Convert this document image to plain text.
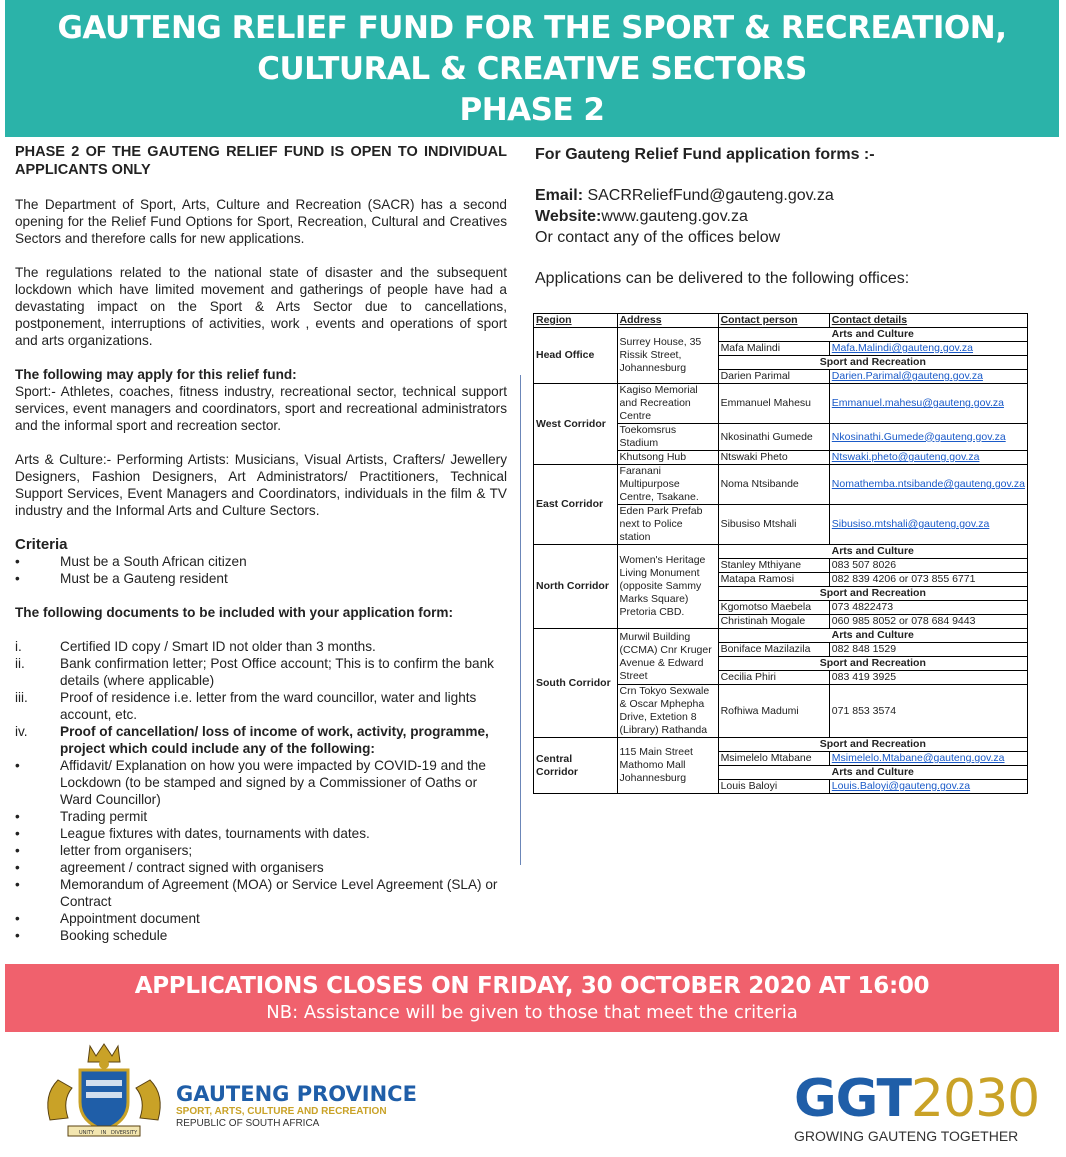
GAUTENG RELIEF FUND FOR THE SPORT & RECREATION,
CULTURAL & CREATIVE SECTORS
PHASE 2

PHASE 2 OF THE GAUTENG RELIEF FUND IS OPEN TO INDIVIDUAL APPLICANTS ONLY

The Department of Sport, Arts, Culture and Recreation (SACR) has a second opening for the Relief Fund Options for Sport, Recreation, Cultural and Creatives Sectors and therefore calls for new applications.

The regulations related to the national state of disaster and the subsequent lockdown which have limited movement and gatherings of people have had a devastating impact on the Sport & Arts Sector due to cancellations, postponement, interruptions of activities, work , events and operations of sport and arts organizations.

The following may apply for this relief fund:

Sport:- Athletes, coaches, fitness industry, recreational sector, technical support services, event managers and coordinators, sport and recreational administrators and the informal sport and recreation sector.

Arts & Culture:- Performing Artists: Musicians, Visual Artists, Crafters/ Jewellery Designers, Fashion Designers, Art Administrators/ Practitioners, Technical Support Services, Event Managers and Coordinators, individuals in the film & TV industry and the Informal Arts and Culture Sectors.

Criteria

•	Must be a South African citizen
•	Must be a Gauteng resident

The following documents to be included with your application form:

i.	Certified ID copy / Smart ID not older than 3 months.
ii.	Bank confirmation letter; Post Office account; This is to confirm the bank details (where applicable)
iii.	Proof of residence i.e. letter from the ward councillor, water and lights account, etc.
iv.	Proof of cancellation/ loss of income of work, activity, programme, project which could include any of the following:
•	Affidavit/ Explanation on how you were impacted by COVID-19 and the Lockdown (to be stamped and signed by a Commissioner of Oaths or Ward Councillor)
•	Trading permit
•	League fixtures with dates, tournaments with dates.
•	letter from organisers;
•	agreement / contract signed with organisers
•	Memorandum of Agreement (MOA) or Service Level Agreement (SLA) or Contract
•	Appointment document
•	Booking schedule
For Gauteng Relief Fund application forms :-
Email: SACRReliefFund@gauteng.gov.za
Website:www.gauteng.gov.za
Or contact any of the offices below
Applications can be delivered to the following offices:
Region	Address	Contact person	Contact details
Head Office	Surrey House, 35 Rissik Street, Johannesburg	Arts and Culture	
		Mafa Malindi	Mafa.Malindi@gauteng.gov.za
		Sport and Recreation	
		Darien Parimal	Darien.Parimal@gauteng.gov.za
West Corridor	Kagiso Memorial and Recreation Centre	Emmanuel Mahesu	Emmanuel.mahesu@gauteng.gov.za
	Toekomsrus Stadium	Nkosinathi Gumede	Nkosinathi.Gumede@gauteng.gov.za
	Khutsong Hub	Ntswaki Pheto	Ntswaki.pheto@gauteng.gov.za
East Corridor	Faranani Multipurpose Centre, Tsakane.	Noma Ntsibande	Nomathemba.ntsibande@gauteng.gov.za
	Eden Park Prefab next to Police station	Sibusiso Mtshali	Sibusiso.mtshali@gauteng.gov.za
North Corridor	Women's Heritage Living Monument (opposite Sammy Marks Square) Pretoria CBD.	Arts and Culture	
		Stanley Mthiyane	083 507 8026
		Matapa Ramosi	082 839 4206 or 073 855 6771
		Sport and Recreation	
		Kgomotso Maebela	073 4822473
		Christinah Mogale	060 985 8052 or 078 684 9443
South Corridor	Murwil Building (CCMA) Cnr Kruger Avenue & Edward Street	Arts and Culture	
		Boniface Mazilazila	082 848 1529
		Sport and Recreation	
		Cecilia Phiri	083 419 3925
	Crn Tokyo Sexwale & Oscar Mphepha Drive, Extetion 8 (Library) Rathanda	Rofhiwa Madumi	071 853 3574
Central Corridor	115 Main Street Mathomo Mall Johannesburg	Sport and Recreation	
		Msimelelo Mtabane	Msimelelo.Mtabane@gauteng.gov.za
		Arts and Culture	
		Louis Baloyi	Louis.Baloyi@gauteng.gov.za
APPLICATIONS CLOSES ON FRIDAY, 30 OCTOBER 2020 AT 16:00
NB: Assistance will be given to those that meet the criteria
UNITY IN DIVERSITY
GAUTENG PROVINCE
SPORT, ARTS, CULTURE AND RECREATION
REPUBLIC OF SOUTH AFRICA	GGT2030
GROWING GAUTENG TOGETHER
